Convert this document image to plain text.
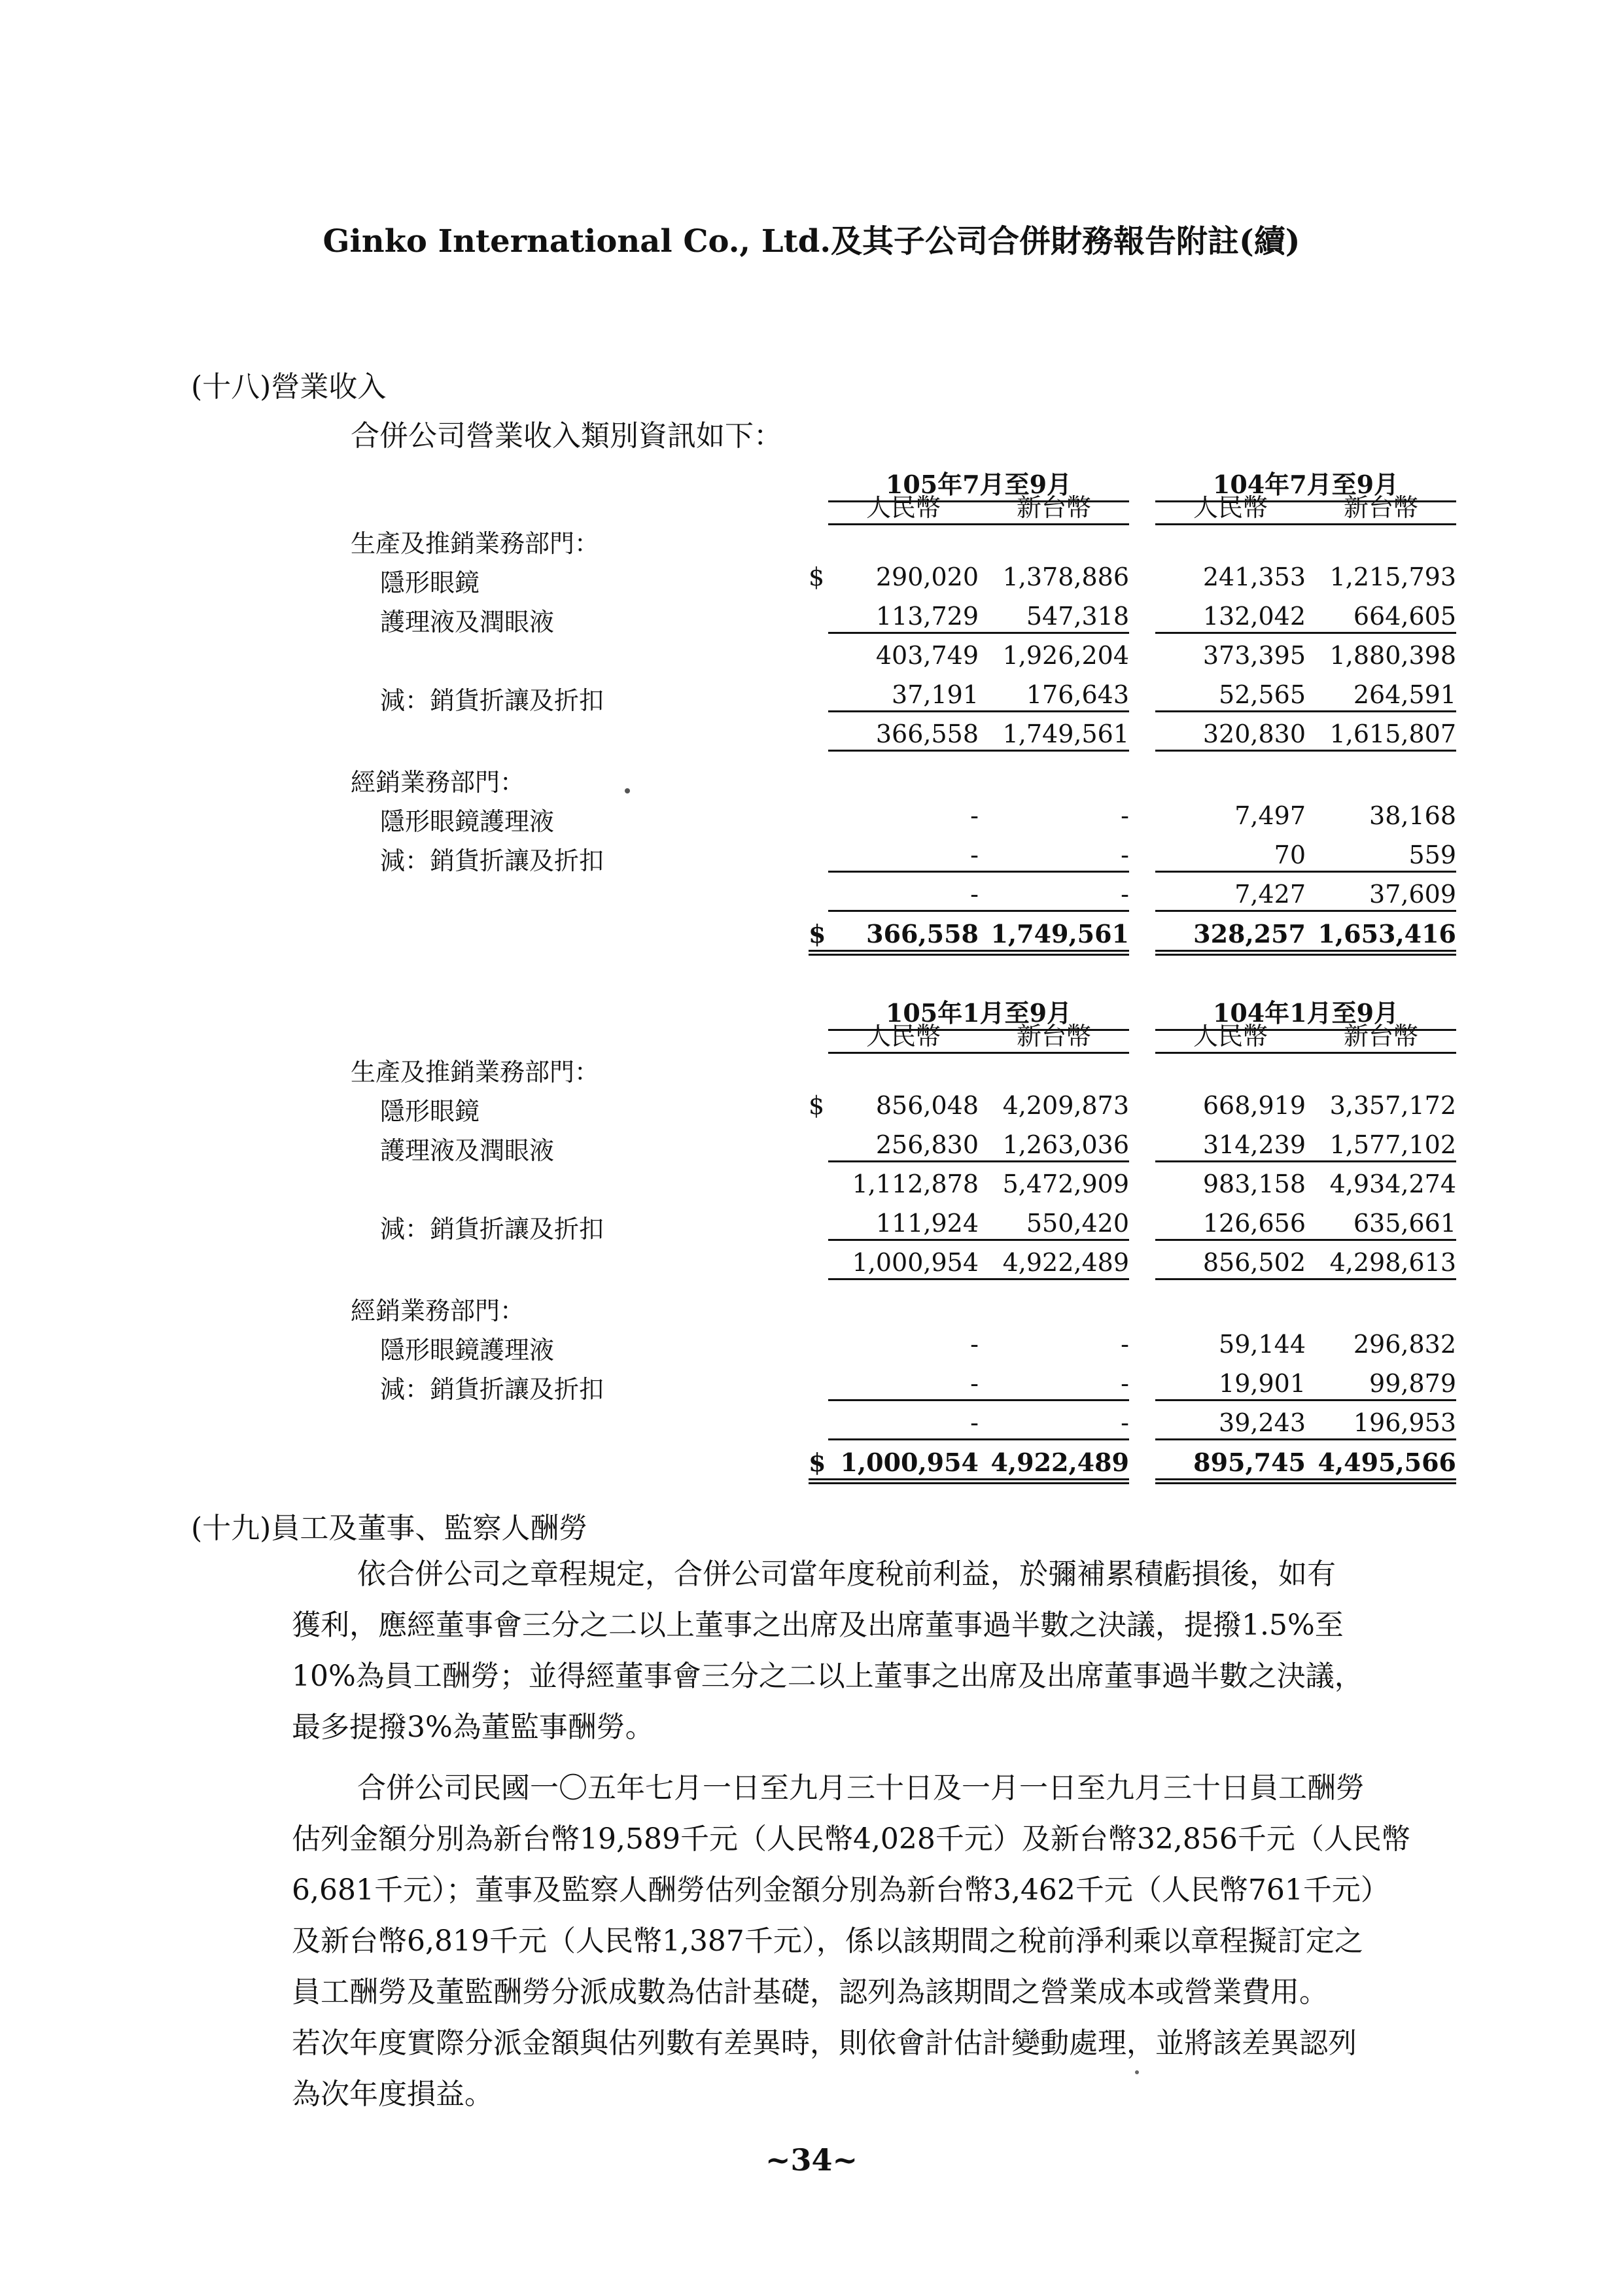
Ginko International Co., Ltd.及其子公司合併財務報告附註(續)
(十八)營業收入
合併公司營業收入類別資訊如下：
105年7月至9月	104年7月至9月
人民幣	新台幣	人民幣	新台幣
生產及推銷業務部門：
隱形眼鏡	$	290,020 1,378,886	241,353 1,215,793
護理液及潤眼液	113,729	547,318	132,042	664,605
403,749 1,926,204	373,395 1,880,398
減：銷貨折讓及折扣	37,191	176,643	52,565	264,591
366,558 1,749,561	320,830 1,615,807
經銷業務部門：
隱形眼鏡護理液	-	-	7,497	38,168
減：銷貨折讓及折扣	-	-	70	559
-	-	7,427	37,609
$	366,558 1,749,561	328,257 1,653,416
105年1月至9月	104年1月至9月
人民幣	新台幣	人民幣	新台幣
生產及推銷業務部門：
隱形眼鏡	$	856,048 4,209,873	668,919 3,357,172
護理液及潤眼液	256,830 1,263,036	314,239 1,577,102
1,112,878 5,472,909	983,158 4,934,274
減：銷貨折讓及折扣	111,924	550,420	126,656	635,661
1,000,954 4,922,489	856,502 4,298,613
經銷業務部門：
隱形眼鏡護理液	-	-	59,144	296,832
減：銷貨折讓及折扣	-	-	19,901	99,879
-	-	39,243	196,953
$ 1,000,954 4,922,489	895,745 4,495,566
(十九)員工及董事、監察人酬勞
依合併公司之章程規定，合併公司當年度稅前利益，於彌補累積虧損後，如有
獲利，應經董事會三分之二以上董事之出席及出席董事過半數之決議，提撥1.5%至
10%為員工酬勞；並得經董事會三分之二以上董事之出席及出席董事過半數之決議，
最多提撥3%為董監事酬勞。
合併公司民國一〇五年七月一日至九月三十日及一月一日至九月三十日員工酬勞
估列金額分別為新台幣19,589千元（人民幣4,028千元）及新台幣32,856千元（人民幣
6,681千元）；董事及監察人酬勞估列金額分別為新台幣3,462千元（人民幣761千元）
及新台幣6,819千元（人民幣1,387千元），係以該期間之稅前淨利乘以章程擬訂定之
員工酬勞及董監酬勞分派成數為估計基礎，認列為該期間之營業成本或營業費用。
若次年度實際分派金額與估列數有差異時，則依會計估計變動處理，並將該差異認列
為次年度損益。
~34~
